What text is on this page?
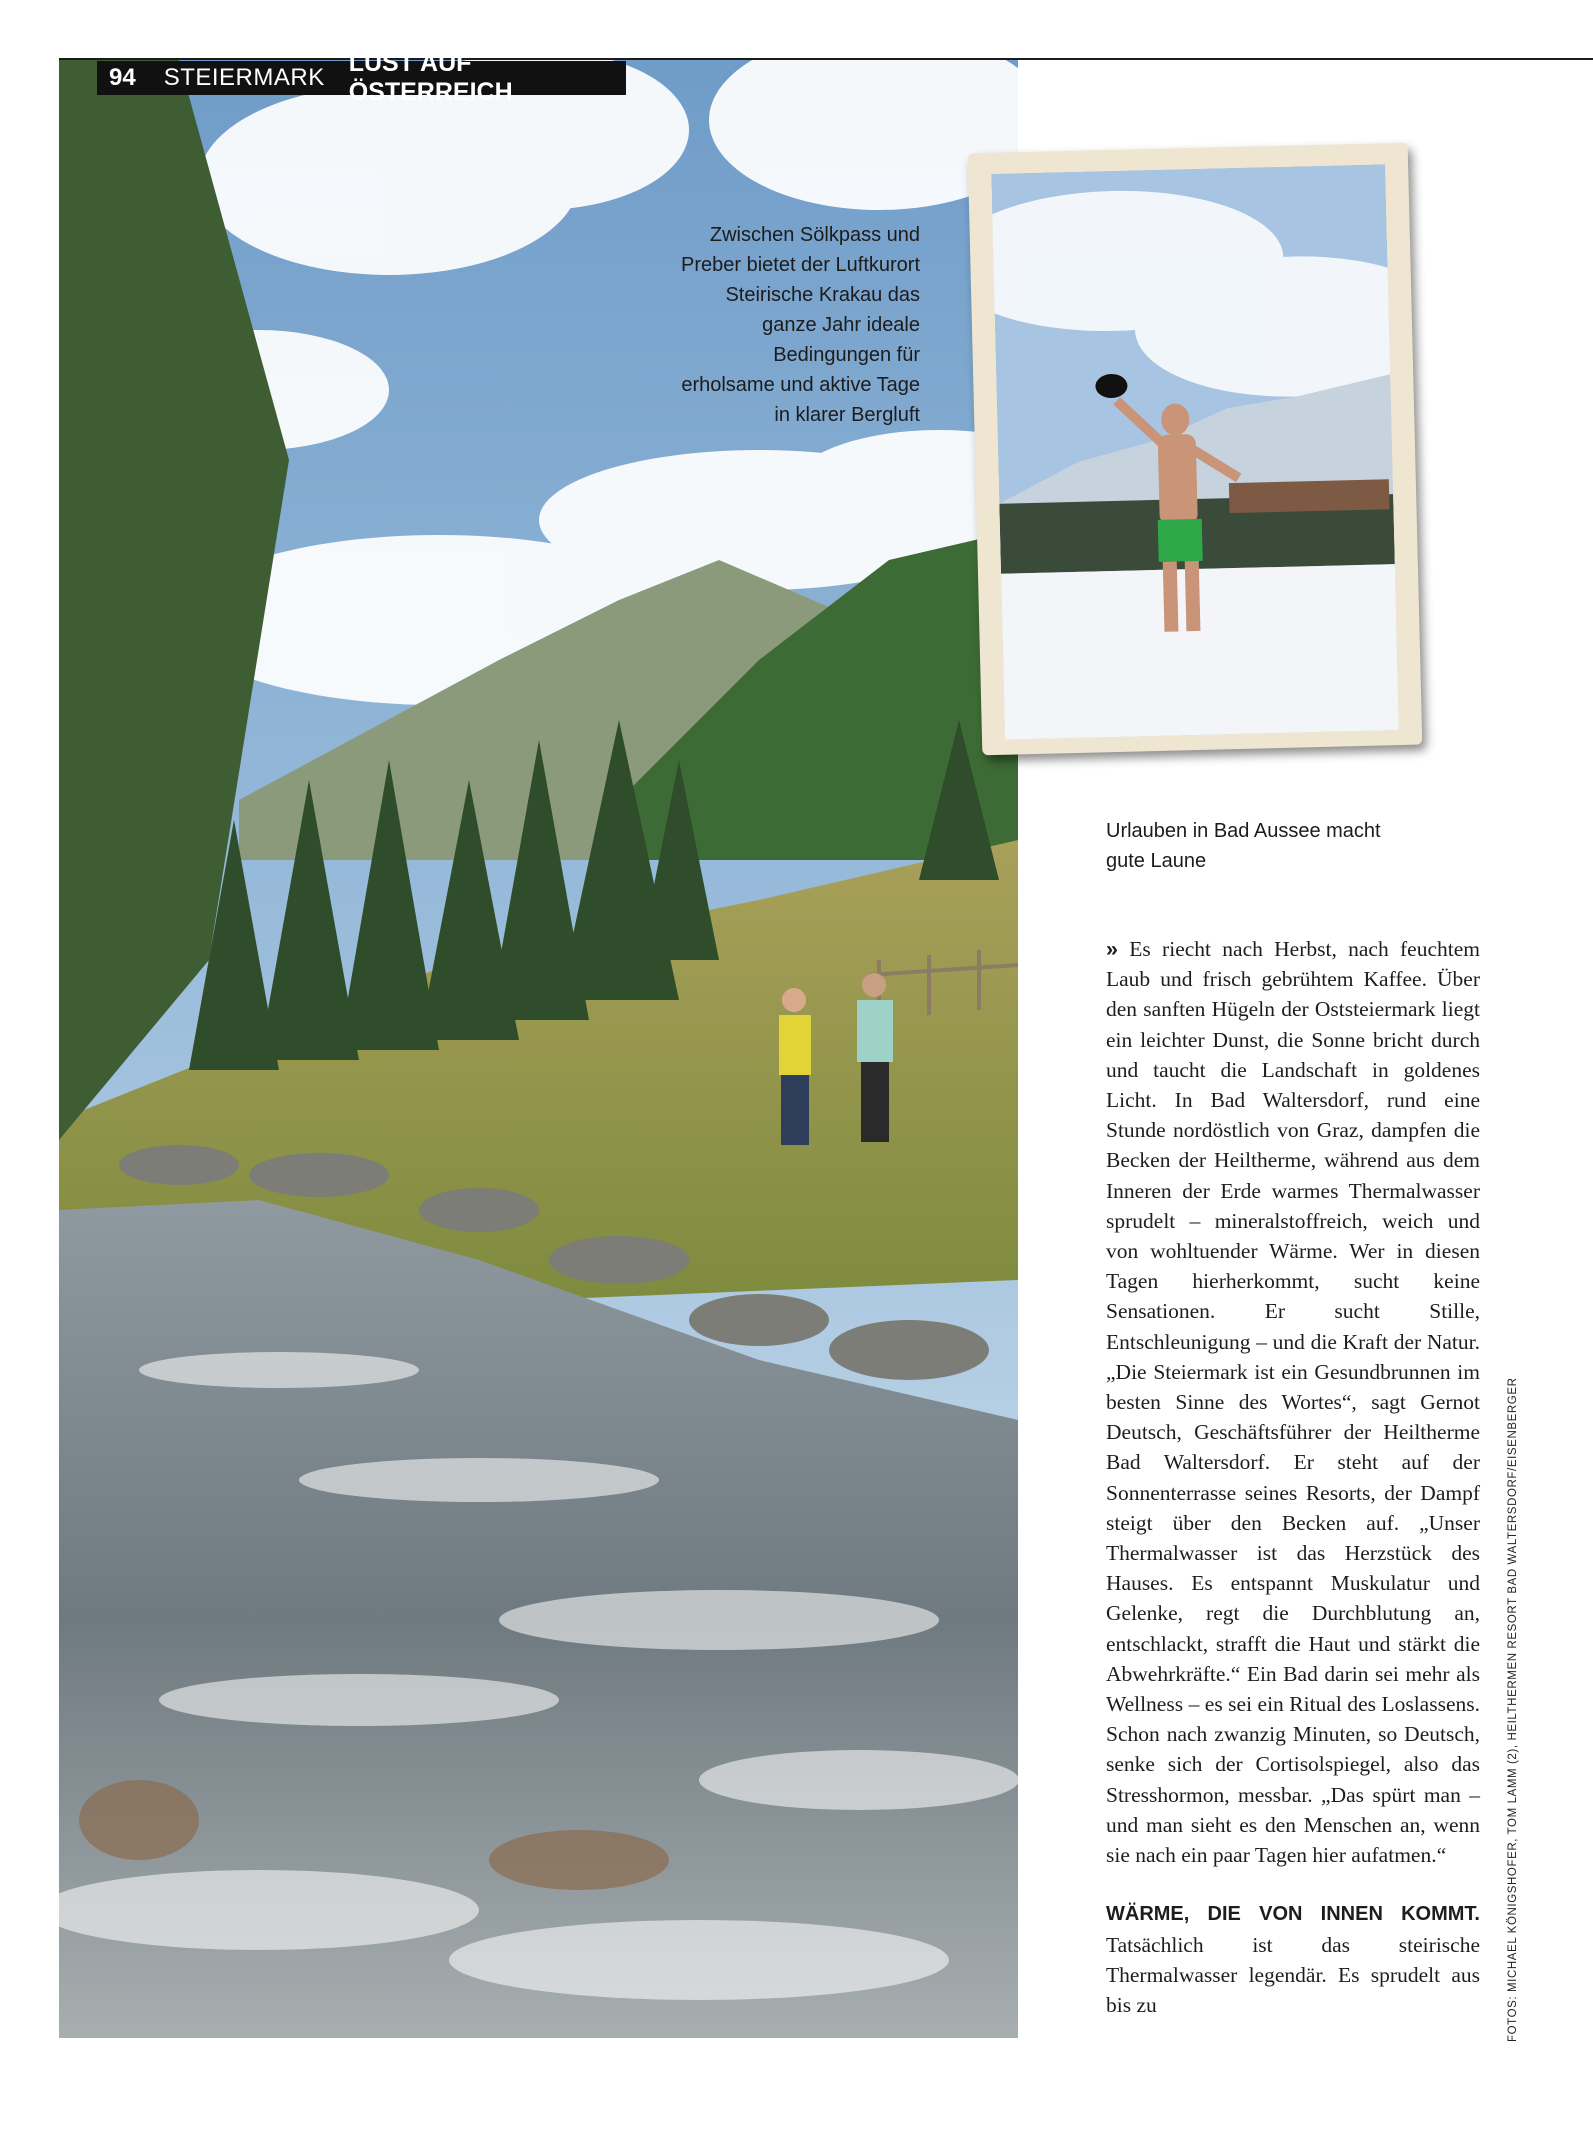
94 STEIERMARK
LUST AUF ÖSTERREICH
Zwischen Sölkpass und Preber bietet der Luftkurort Steirische Krakau das ganze Jahr ideale Bedingungen für erholsame und aktive Tage in klarer Bergluft
Urlauben in Bad Aussee macht gute Laune

» Es riecht nach Herbst, nach feuchtem Laub und frisch gebrühtem Kaffee. Über den sanften Hügeln der Oststeiermark liegt ein leichter Dunst, die Sonne bricht durch und taucht die Landschaft in goldenes Licht. In Bad Waltersdorf, rund eine Stunde nordöstlich von Graz, dampfen die Becken der Heiltherme, während aus dem Inneren der Erde warmes Thermalwasser sprudelt – mineralstoffreich, weich und von wohltuender Wärme. Wer in diesen Tagen hierherkommt, sucht keine Sensationen. Er sucht Stille, Entschleunigung – und die Kraft der Natur. „Die Steiermark ist ein Gesundbrunnen im besten Sinne des Wortes“, sagt Gernot Deutsch, Geschäftsführer der Heiltherme Bad Waltersdorf. Er steht auf der Sonnenterrasse seines Resorts, der Dampf steigt über den Becken auf. „Unser Thermalwasser ist das Herzstück des Hauses. Es entspannt Muskulatur und Gelenke, regt die Durchblutung an, entschlackt, strafft die Haut und stärkt die Abwehrkräfte.“ Ein Bad darin sei mehr als Wellness – es sei ein Ritual des Loslassens. Schon nach zwanzig Minuten, so Deutsch, senke sich der Cortisolspiegel, also das Stresshormon, messbar. „Das spürt man – und man sieht es den Menschen an, wenn sie nach ein paar Tagen hier aufatmen.“

WÄRME, DIE VON INNEN KOMMT. Tatsächlich ist das steirische Thermalwasser legendär. Es sprudelt aus bis zu	FOTOS: MICHAEL KÖNIGSHOFER, TOM LAMM (2), HEILTHERMEN RESORT BAD WALTERSDORF/EISENBERGER
